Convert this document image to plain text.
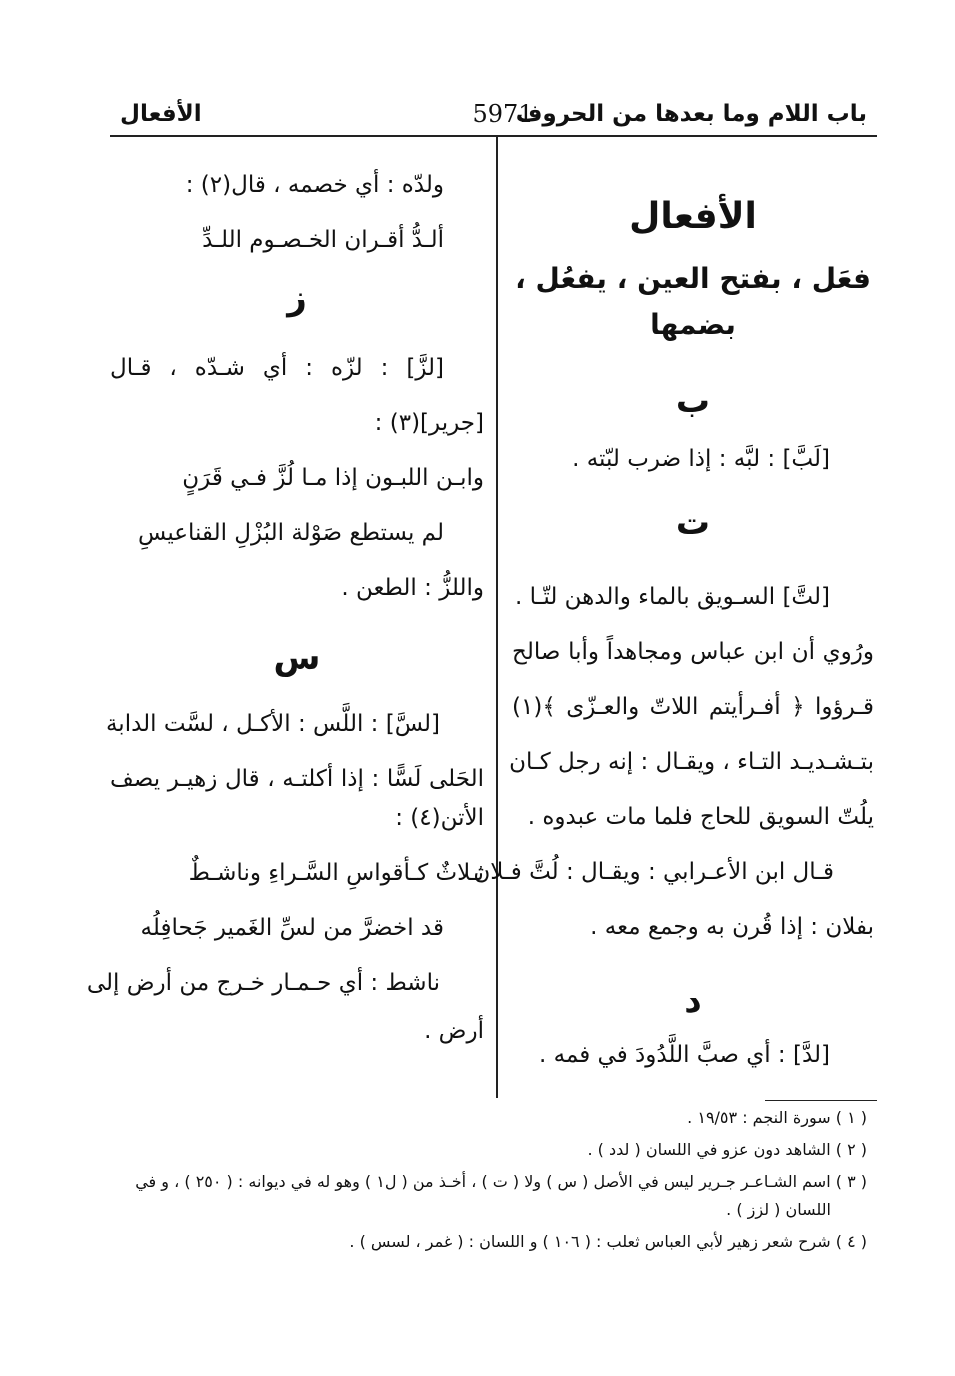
باب اللام وما بعدها من الحروف
5971
الأفعال
الأفعال
فعَل ، بفتح العين ، يفعُل ، بضمها
ب
[لَبَّ] : لبَّه : إذا ضرب لبّته .
ت
[لتَّ] السـويق بالماء والدهن لتّـا .
ورُوي أن ابن عباس ومجاهداً وأبا صالح
قـرؤوا ﴿ أفـرأيتم اللاتّ والعـزّى ﴾(١)
بتـشـديـد التـاء ، ويقـال : إنه رجل كـان
يلُتّ السويق للحاج فلما مات عبدوه .
قـال ابن الأعـرابي : ويقـال : لُتَّ فـلان
بفلان : إذا قُرن به وجمع معه .
د
[لدَّ] : أي صبَّ اللَّدُودَ في فمه .
ولدّه : أي خصمه ، قال(٢) :
ألـدُّ أقـران الخـصـوم اللـدِّ
ز
[لزَّ] : لزّه : أي شـدّه ، قـال
[جرير](٣) :
وابـن اللبـون إذا مـا لُزَّ فـي قَرَنٍ
لم يستطع صَوْلة البُزْلِ القناعيسِ
واللزُّ : الطعن .
س
[لسَّ] : اللَّس : الأكـل ، لسَّت الدابة
الحَلى لَسًّا : إذا أكلتـه ، قال زهيـر يصف
الأتن(٤) :
ثـلاثٌ كـأقواسِ السَّـراءِ وناشـطٌ
قد اخضرَّ من لسِّ الغَمير جَحافِلُه
ناشط : أي حـمـار خـرج من أرض إلى
أرض .
( ١ ) سورة النجم : ١٩/٥٣ .
( ٢ ) الشاهد دون عزو في اللسان ( لدد ) .
( ٣ ) اسم الشـاعـر جـرير ليس في الأصل ( س ) ولا ( ت ) ، أخـذ من ( ل١ ) وهو له في ديوانه : ( ٢٥٠ ) ، و في
اللسان ( لزز ) .
( ٤ ) شرح شعر زهير لأبي العباس ثعلب : ( ١٠٦ ) و اللسان : ( غمر ، لسس ) .
